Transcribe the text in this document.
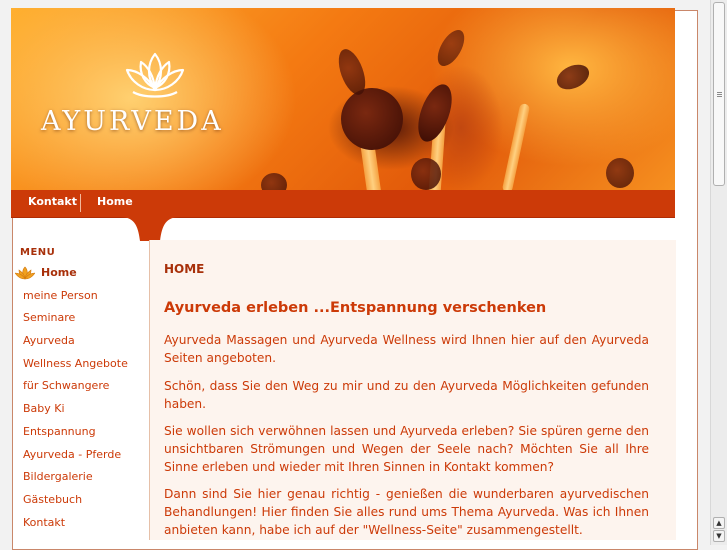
AYURVEDA
Kontakt Home
MENU
Home
meine Person
Seminare
Ayurveda
Wellness Angebote
für Schwangere
Baby Ki
Entspannung
Ayurveda - Pferde
Bildergalerie
Gästebuch
Kontakt
HOME
Ayurveda erleben ...Entspannung verschenken

Ayurveda Massagen und Ayurveda Wellness wird Ihnen hier auf den Ayurveda Seiten angeboten.

Schön, dass Sie den Weg zu mir und zu den Ayurveda Möglichkeiten gefunden haben.

Sie wollen sich verwöhnen lassen und Ayurveda erleben? Sie spüren gerne den unsichtbaren Strömungen und Wegen der Seele nach? Möchten Sie all Ihre Sinne erleben und wieder mit Ihren Sinnen in Kontakt kommen?

Dann sind Sie hier genau richtig - genießen die wunderbaren ayurvedischen Behandlungen! Hier finden Sie alles rund ums Thema Ayurveda. Was ich Ihnen anbieten kann, habe ich auf der "Wellness-Seite" zusammengestellt.	▲
▼
